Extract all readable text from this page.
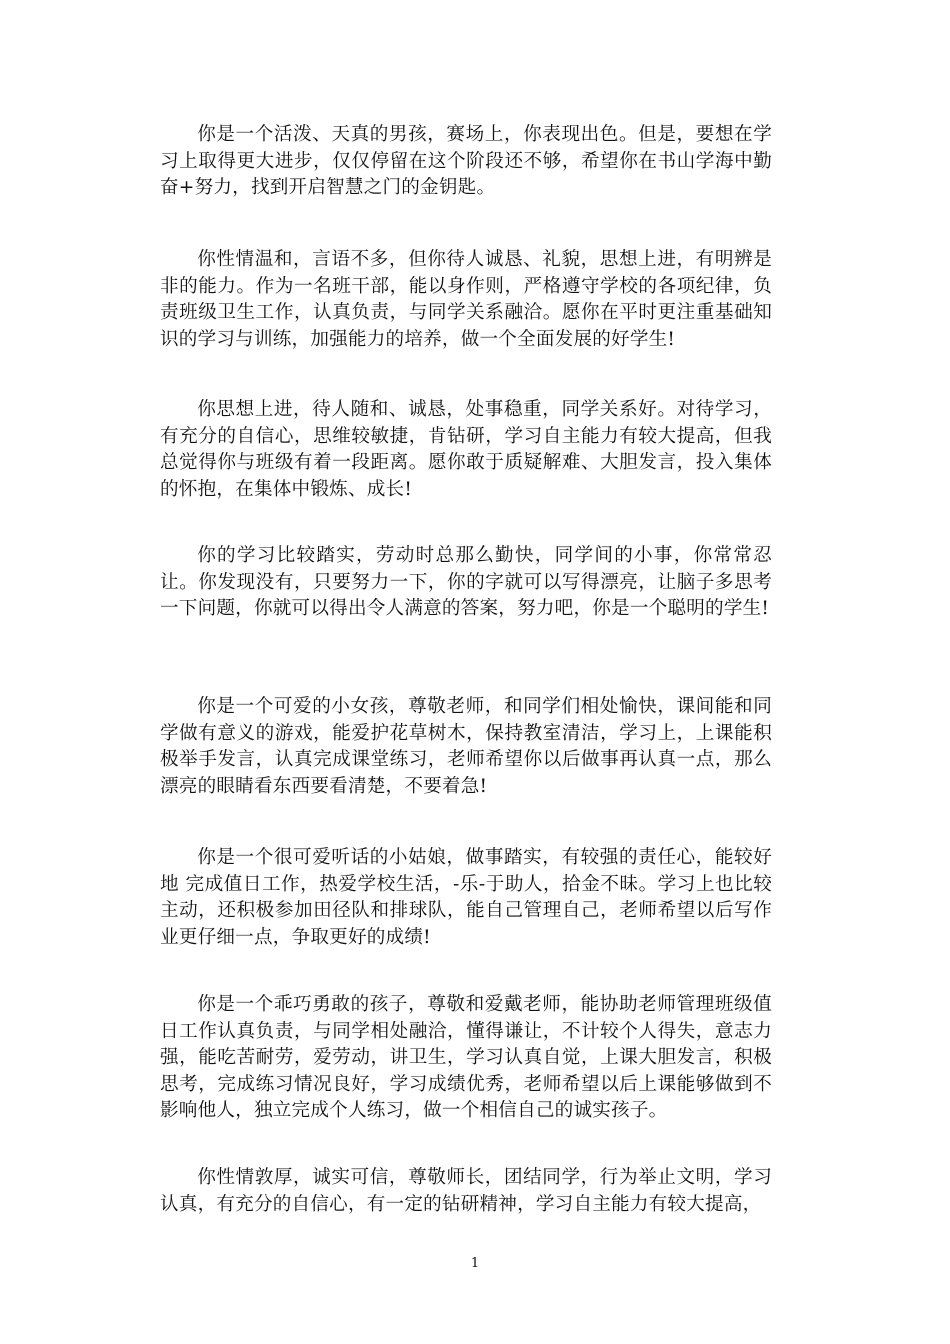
你是一个活泼、天真的男孩，赛场上，你表现出色。但是，要想在学习上取得更大进步，仅仅停留在这个阶段还不够，希望你在书山学海中勤奋+努力，找到开启智慧之门的金钥匙。

你性情温和，言语不多，但你待人诚恳、礼貌，思想上进，有明辨是非的能力。作为一名班干部，能以身作则，严格遵守学校的各项纪律，负责班级卫生工作，认真负责，与同学关系融洽。愿你在平时更注重基础知识的学习与训练，加强能力的培养，做一个全面发展的好学生!

你思想上进，待人随和、诚恳，处事稳重，同学关系好。对待学习，有充分的自信心，思维较敏捷，肯钻研，学习自主能力有较大提高，但我总觉得你与班级有着一段距离。愿你敢于质疑解难、大胆发言，投入集体的怀抱，在集体中锻炼、成长!

你的学习比较踏实，劳动时总那么勤快，同学间的小事，你常常忍让。你发现没有，只要努力一下，你的字就可以写得漂亮，让脑子多思考一下问题，你就可以得出令人满意的答案，努力吧，你是一个聪明的学生!

你是一个可爱的小女孩，尊敬老师，和同学们相处愉快，课间能和同学做有意义的游戏，能爱护花草树木，保持教室清洁，学习上，上课能积极举手发言，认真完成课堂练习，老师希望你以后做事再认真一点，那么漂亮的眼睛看东西要看清楚，不要着急!

你是一个很可爱听话的小姑娘，做事踏实，有较强的责任心，能较好地 完成值日工作，热爱学校生活，-乐-于助人，拾金不昧。学习上也比较主动，还积极参加田径队和排球队，能自己管理自己，老师希望以后写作业更仔细一点，争取更好的成绩!

你是一个乖巧勇敢的孩子，尊敬和爱戴老师，能协助老师管理班级值日工作认真负责，与同学相处融洽，懂得谦让，不计较个人得失，意志力强，能吃苦耐劳，爱劳动，讲卫生，学习认真自觉，上课大胆发言，积极思考，完成练习情况良好，学习成绩优秀，老师希望以后上课能够做到不影响他人，独立完成个人练习，做一个相信自己的诚实孩子。

你性情敦厚，诚实可信，尊敬师长，团结同学，行为举止文明，学习认真，有充分的自信心，有一定的钻研精神，学习自主能力有较大提高，

1
